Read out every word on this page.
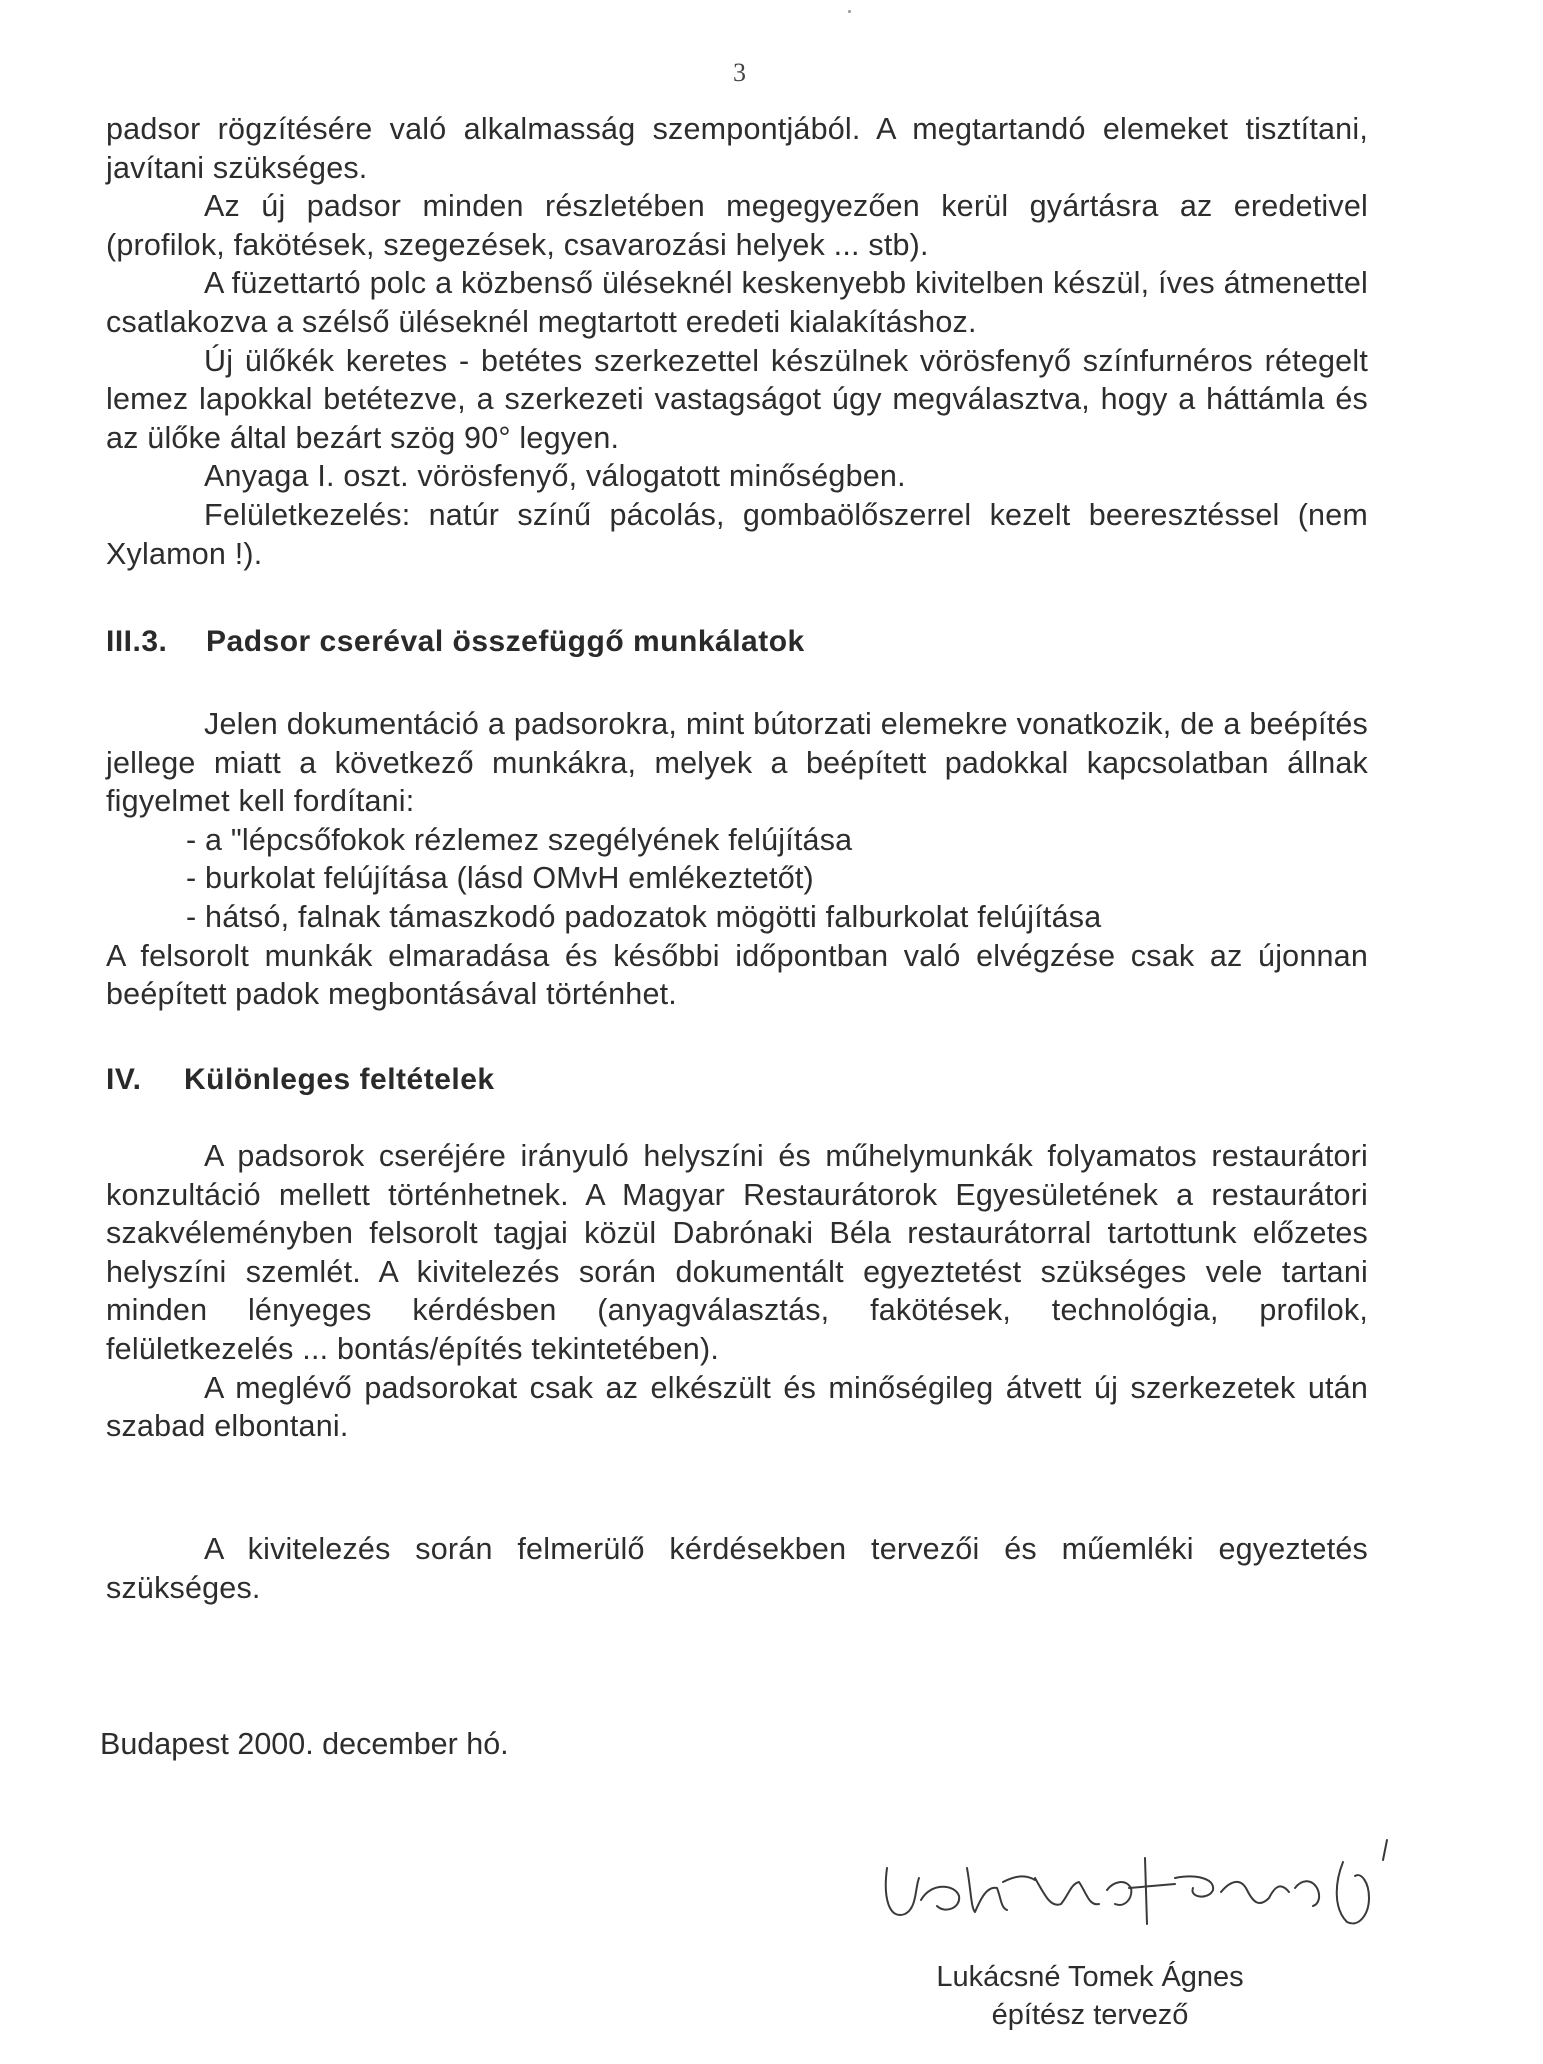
3

padsor rögzítésére való alkalmasság szempontjából. A megtartandó elemeket tisztítani, javítani szükséges.

Az új padsor minden részletében megegyezően kerül gyártásra az eredetivel (profilok, fakötések, szegezések, csavarozási helyek ... stb).

A füzettartó polc a közbenső üléseknél keskenyebb kivitelben készül, íves átmenettel csatlakozva a szélső üléseknél megtartott eredeti kialakításhoz.

Új ülőkék keretes - betétes szerkezettel készülnek vörösfenyő színfurnéros rétegelt lemez lapokkal betétezve, a szerkezeti vastagságot úgy megválasztva, hogy a háttámla és az ülőke által bezárt szög 90° legyen.

Anyaga I. oszt. vörösfenyő, válogatott minőségben.

Felületkezelés: natúr színű pácolás, gombaölőszerrel kezelt beeresztéssel (nem Xylamon !).

III.3. Padsor cseréval összefüggő munkálatok

Jelen dokumentáció a padsorokra, mint bútorzati elemekre vonatkozik, de a beépítés jellege miatt a következő munkákra, melyek a beépített padokkal kapcsolatban állnak figyelmet kell fordítani:

- a "lépcsőfokok rézlemez szegélyének felújítása

- burkolat felújítása (lásd OMvH emlékeztetőt)

- hátsó, falnak támaszkodó padozatok mögötti falburkolat felújítása

A felsorolt munkák elmaradása és későbbi időpontban való elvégzése csak az újonnan beépített padok megbontásával történhet.

IV. Különleges feltételek

A padsorok cseréjére irányuló helyszíni és műhelymunkák folyamatos restaurátori konzultáció mellett történhetnek. A Magyar Restaurátorok Egyesületének a restaurátori szakvéleményben felsorolt tagjai közül Dabrónaki Béla restaurátorral tartottunk előzetes helyszíni szemlét. A kivitelezés során dokumentált egyeztetést szükséges vele tartani minden lényeges kérdésben (anyagválasztás, fakötések, technológia, profilok, felületkezelés ... bontás/építés tekintetében).

A meglévő padsorokat csak az elkészült és minőségileg átvett új szerkezetek után szabad elbontani.

A kivitelezés során felmerülő kérdésekben tervezői és műemléki egyeztetés szükséges.

Budapest 2000. december hó.
Lukácsné Tomek Ágnes
építész tervező
